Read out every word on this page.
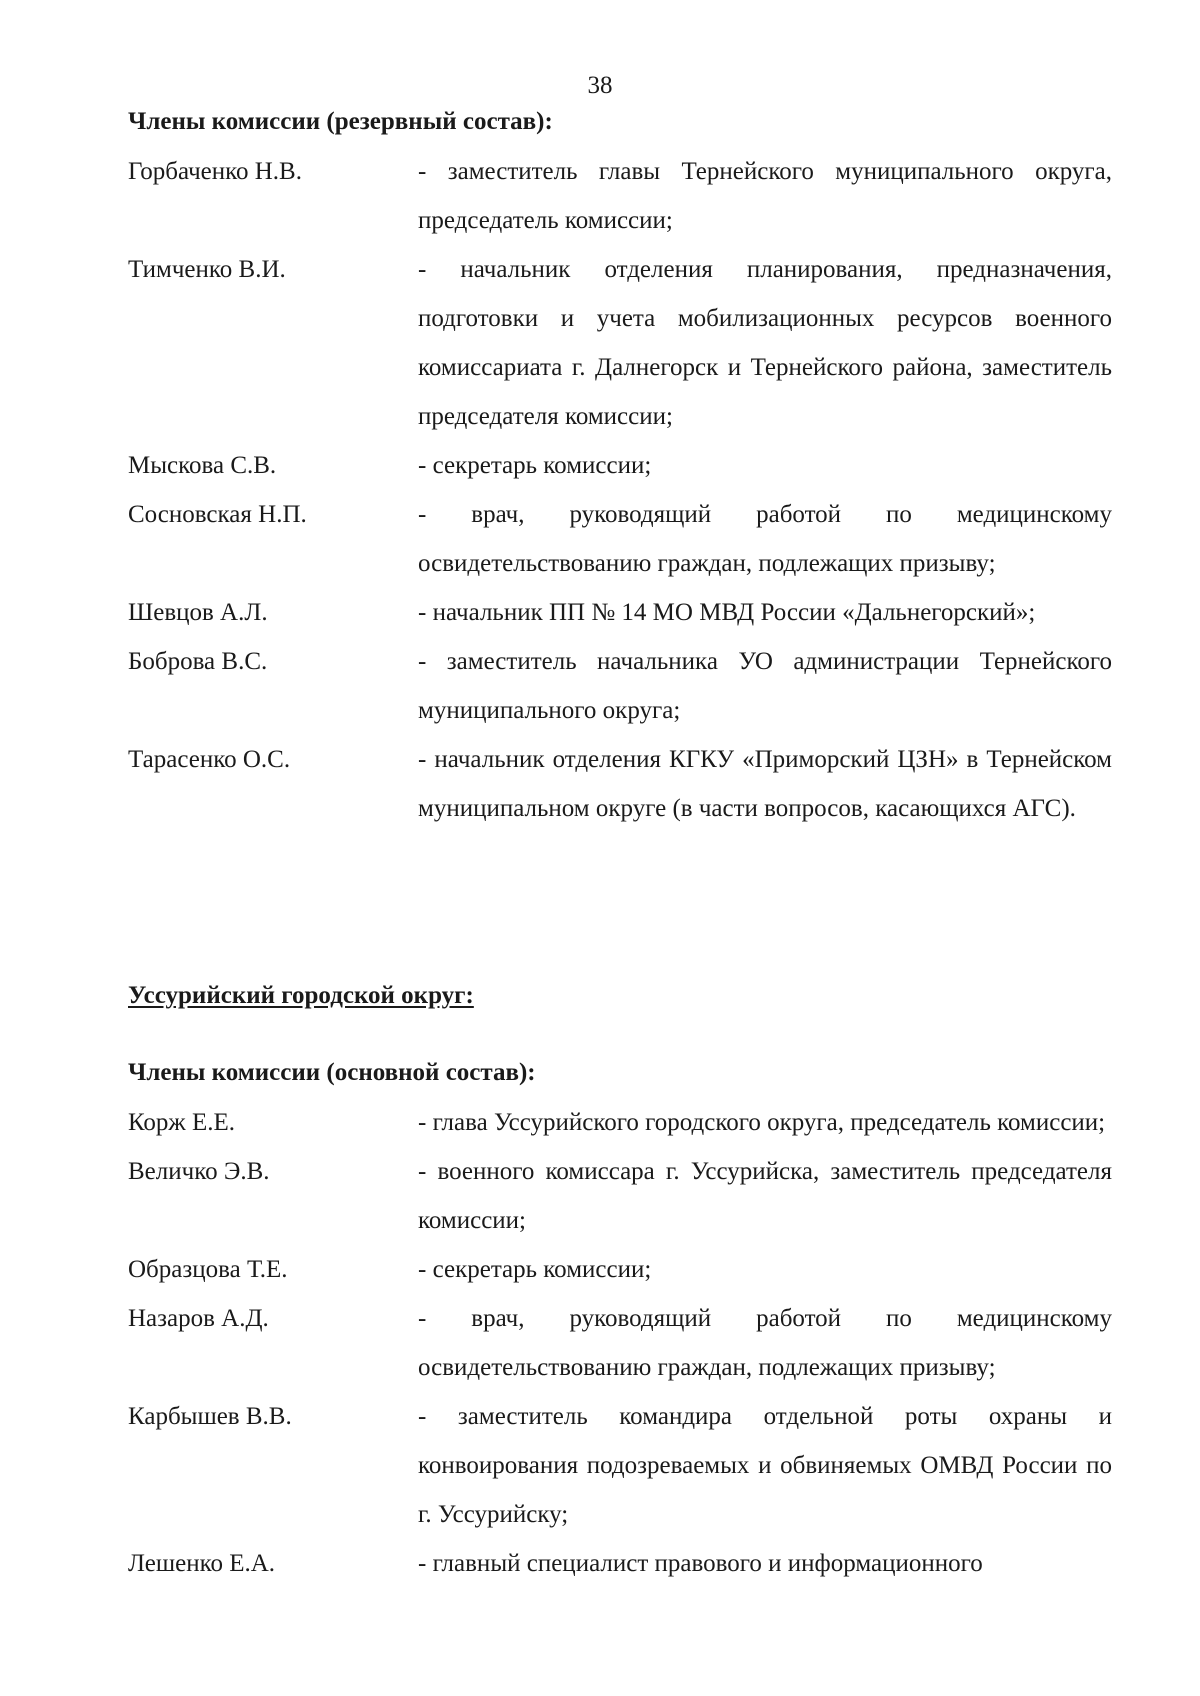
38
Члены комиссии (резервный состав):
Горбаченко Н.В.	- заместитель главы Тернейского муниципального округа, председатель комиссии;
Тимченко В.И.	- начальник отделения планирования, предназначения, подготовки и учета мобилизационных ресурсов военного комиссариата г. Далнегорск и Тернейского района, заместитель председателя комиссии;
Мыскова С.В.	- секретарь комиссии;
Сосновская Н.П.	- врач, руководящий работой по медицинскому освидетельствованию граждан, подлежащих призыву;
Шевцов А.Л.	- начальник ПП № 14 МО МВД России «Дальнегорский»;
Боброва В.С.	- заместитель начальника УО администрации Тернейского муниципального округа;
Тарасенко О.С.	- начальник отделения КГКУ «Приморский ЦЗН» в Тернейском муниципальном округе (в части вопросов, касающихся АГС).
Уссурийский городской округ:
Члены комиссии (основной состав):
Корж Е.Е.	- глава Уссурийского городского округа, председатель комиссии;
Величко Э.В.	- военного комиссара г. Уссурийска, заместитель председателя комиссии;
Образцова Т.Е.	- секретарь комиссии;
Назаров А.Д.	- врач, руководящий работой по медицинскому освидетельствованию граждан, подлежащих призыву;
Карбышев В.В.	- заместитель командира отдельной роты охраны и конвоирования подозреваемых и обвиняемых ОМВД России по г. Уссурийску;
Лешенко Е.А.	- главный специалист правового и информационного
